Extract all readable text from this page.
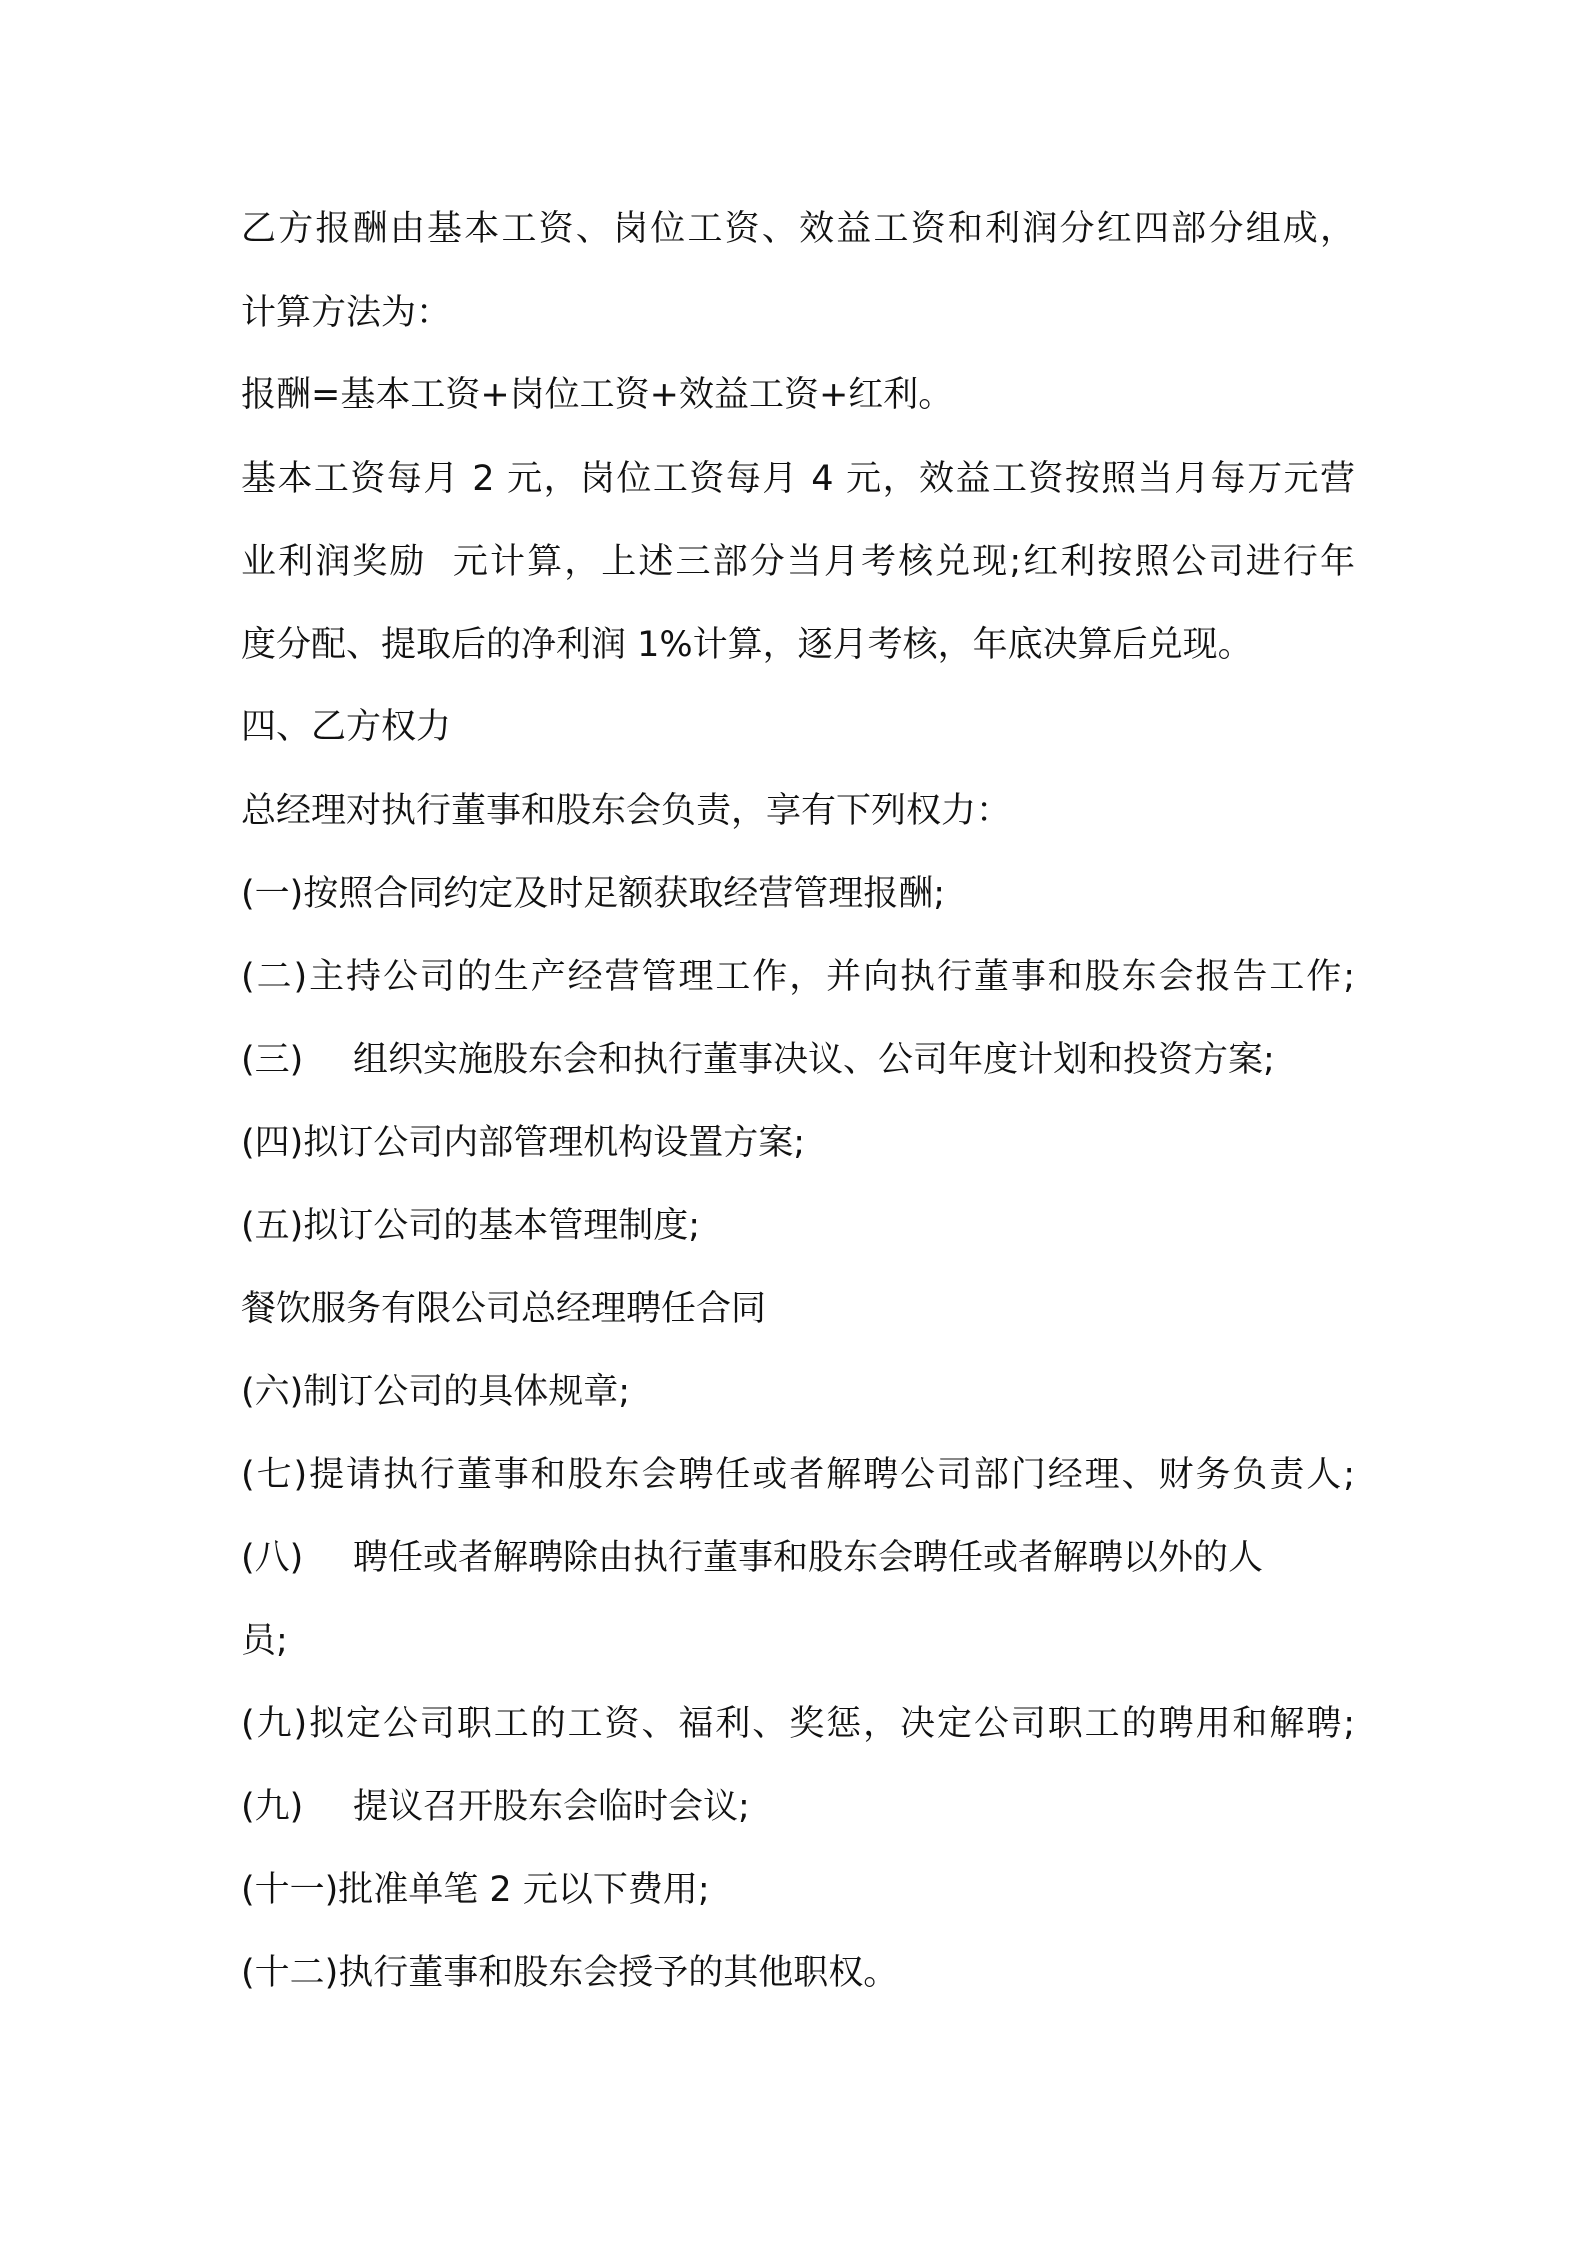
乙方报酬由基本工资、岗位工资、效益工资和利润分红四部分组成，

计算方法为：

报酬=基本工资+岗位工资+效益工资+红利。

基本工资每月 2 元，岗位工资每月 4 元，效益工资按照当月每万元营

业利润奖励  元计算，上述三部分当月考核兑现;红利按照公司进行年

度分配、提取后的净利润 1%计算，逐月考核，年底决算后兑现。

四、乙方权力

总经理对执行董事和股东会负责，享有下列权力：

(一)按照合同约定及时足额获取经营管理报酬;

(二)主持公司的生产经营管理工作，并向执行董事和股东会报告工作;

(三) 组织实施股东会和执行董事决议、公司年度计划和投资方案;

(四)拟订公司内部管理机构设置方案;

(五)拟订公司的基本管理制度;

餐饮服务有限公司总经理聘任合同

(六)制订公司的具体规章;

(七)提请执行董事和股东会聘任或者解聘公司部门经理、财务负责人;

(八) 聘任或者解聘除由执行董事和股东会聘任或者解聘以外的人

员;

(九)拟定公司职工的工资、福利、奖惩，决定公司职工的聘用和解聘;

(九) 提议召开股东会临时会议;

(十一)批准单笔 2 元以下费用;

(十二)执行董事和股东会授予的其他职权。
